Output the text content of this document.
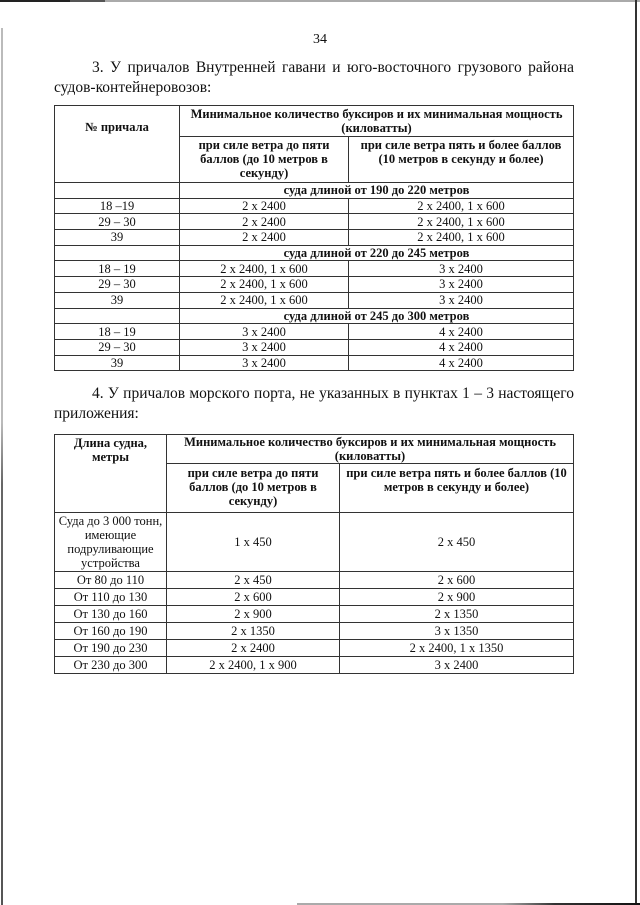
34
3. У причалов Внутренней гавани и юго-восточного грузового района судов-контейнеровозов:
№ причала	Минимальное количество буксиров и их минимальная мощность (киловатты)	
	при силе ветра до пяти баллов (до 10 метров в секунду)	при силе ветра пять и более баллов (10 метров в секунду и более)
	суда длиной от 190 до 220 метров	
18 –19	2 x 2400	2 x 2400, 1 x 600
29 – 30	2 x 2400	2 x 2400, 1 x 600
39	2 x 2400	2 x 2400, 1 x 600
	суда длиной от 220 до 245 метров	
18 – 19	2 x 2400, 1 x 600	3 x 2400
29 – 30	2 x 2400, 1 x 600	3 x 2400
39	2 x 2400, 1 x 600	3 x 2400
	суда длиной от 245 до 300 метров	
18 – 19	3 x 2400	4 x 2400
29 – 30	3 x 2400	4 x 2400
39	3 x 2400	4 x 2400
4. У причалов морского порта, не указанных в пунктах 1 – 3 настоящего приложения:
Длина судна, метры	Минимальное количество буксиров и их минимальная мощность (киловатты)	
	при силе ветра до пяти баллов (до 10 метров в секунду)	при силе ветра пять и более баллов (10 метров в секунду и более)
Суда до 3 000 тонн, имеющие подруливающие устройства	1 x 450	2 x 450
От 80 до 110	2 x 450	2 x 600
От 110 до 130	2 x 600	2 x 900
От 130 до 160	2 x 900	2 x 1350
От 160 до 190	2 x 1350	3 x 1350
От 190 до 230	2 x 2400	2 x 2400, 1 x 1350
От 230 до 300	2 x 2400, 1 x 900	3 x 2400
